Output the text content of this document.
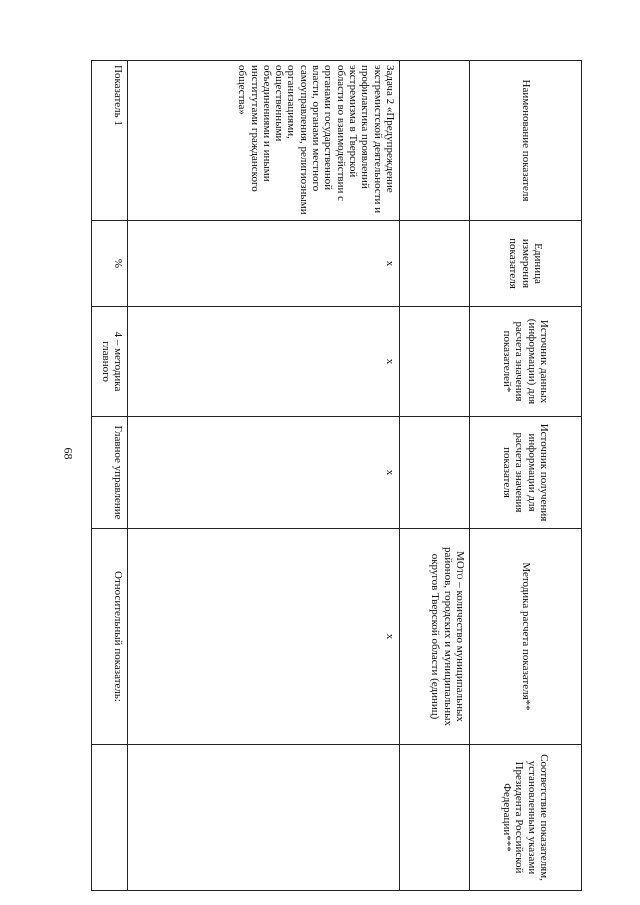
68
Наименование показателя	Единица измерения показателя	Источник данных (информации) для расчета значения показателей*	Источник получения информации для расчета значения показателя	Методика расчета показателя**	Соответствие показателям, установленным указами Президента Российской Федерации***
				МОТО – количество муниципальных районов, городских и муниципальных округов Тверской области (единиц)	
Задача 2 «Предупреждение экстремистской деятельности и профилактика проявлений экстремизма в Тверской области во взаимодействии с органами государственной власти, органами местного самоуправления, религиозными организациями, общественными объединениями и иными институтами гражданского общества»	х	х	х	х	
Показатель 1	%	4 – методика главного	Главное управление	Относительный показатель:	
